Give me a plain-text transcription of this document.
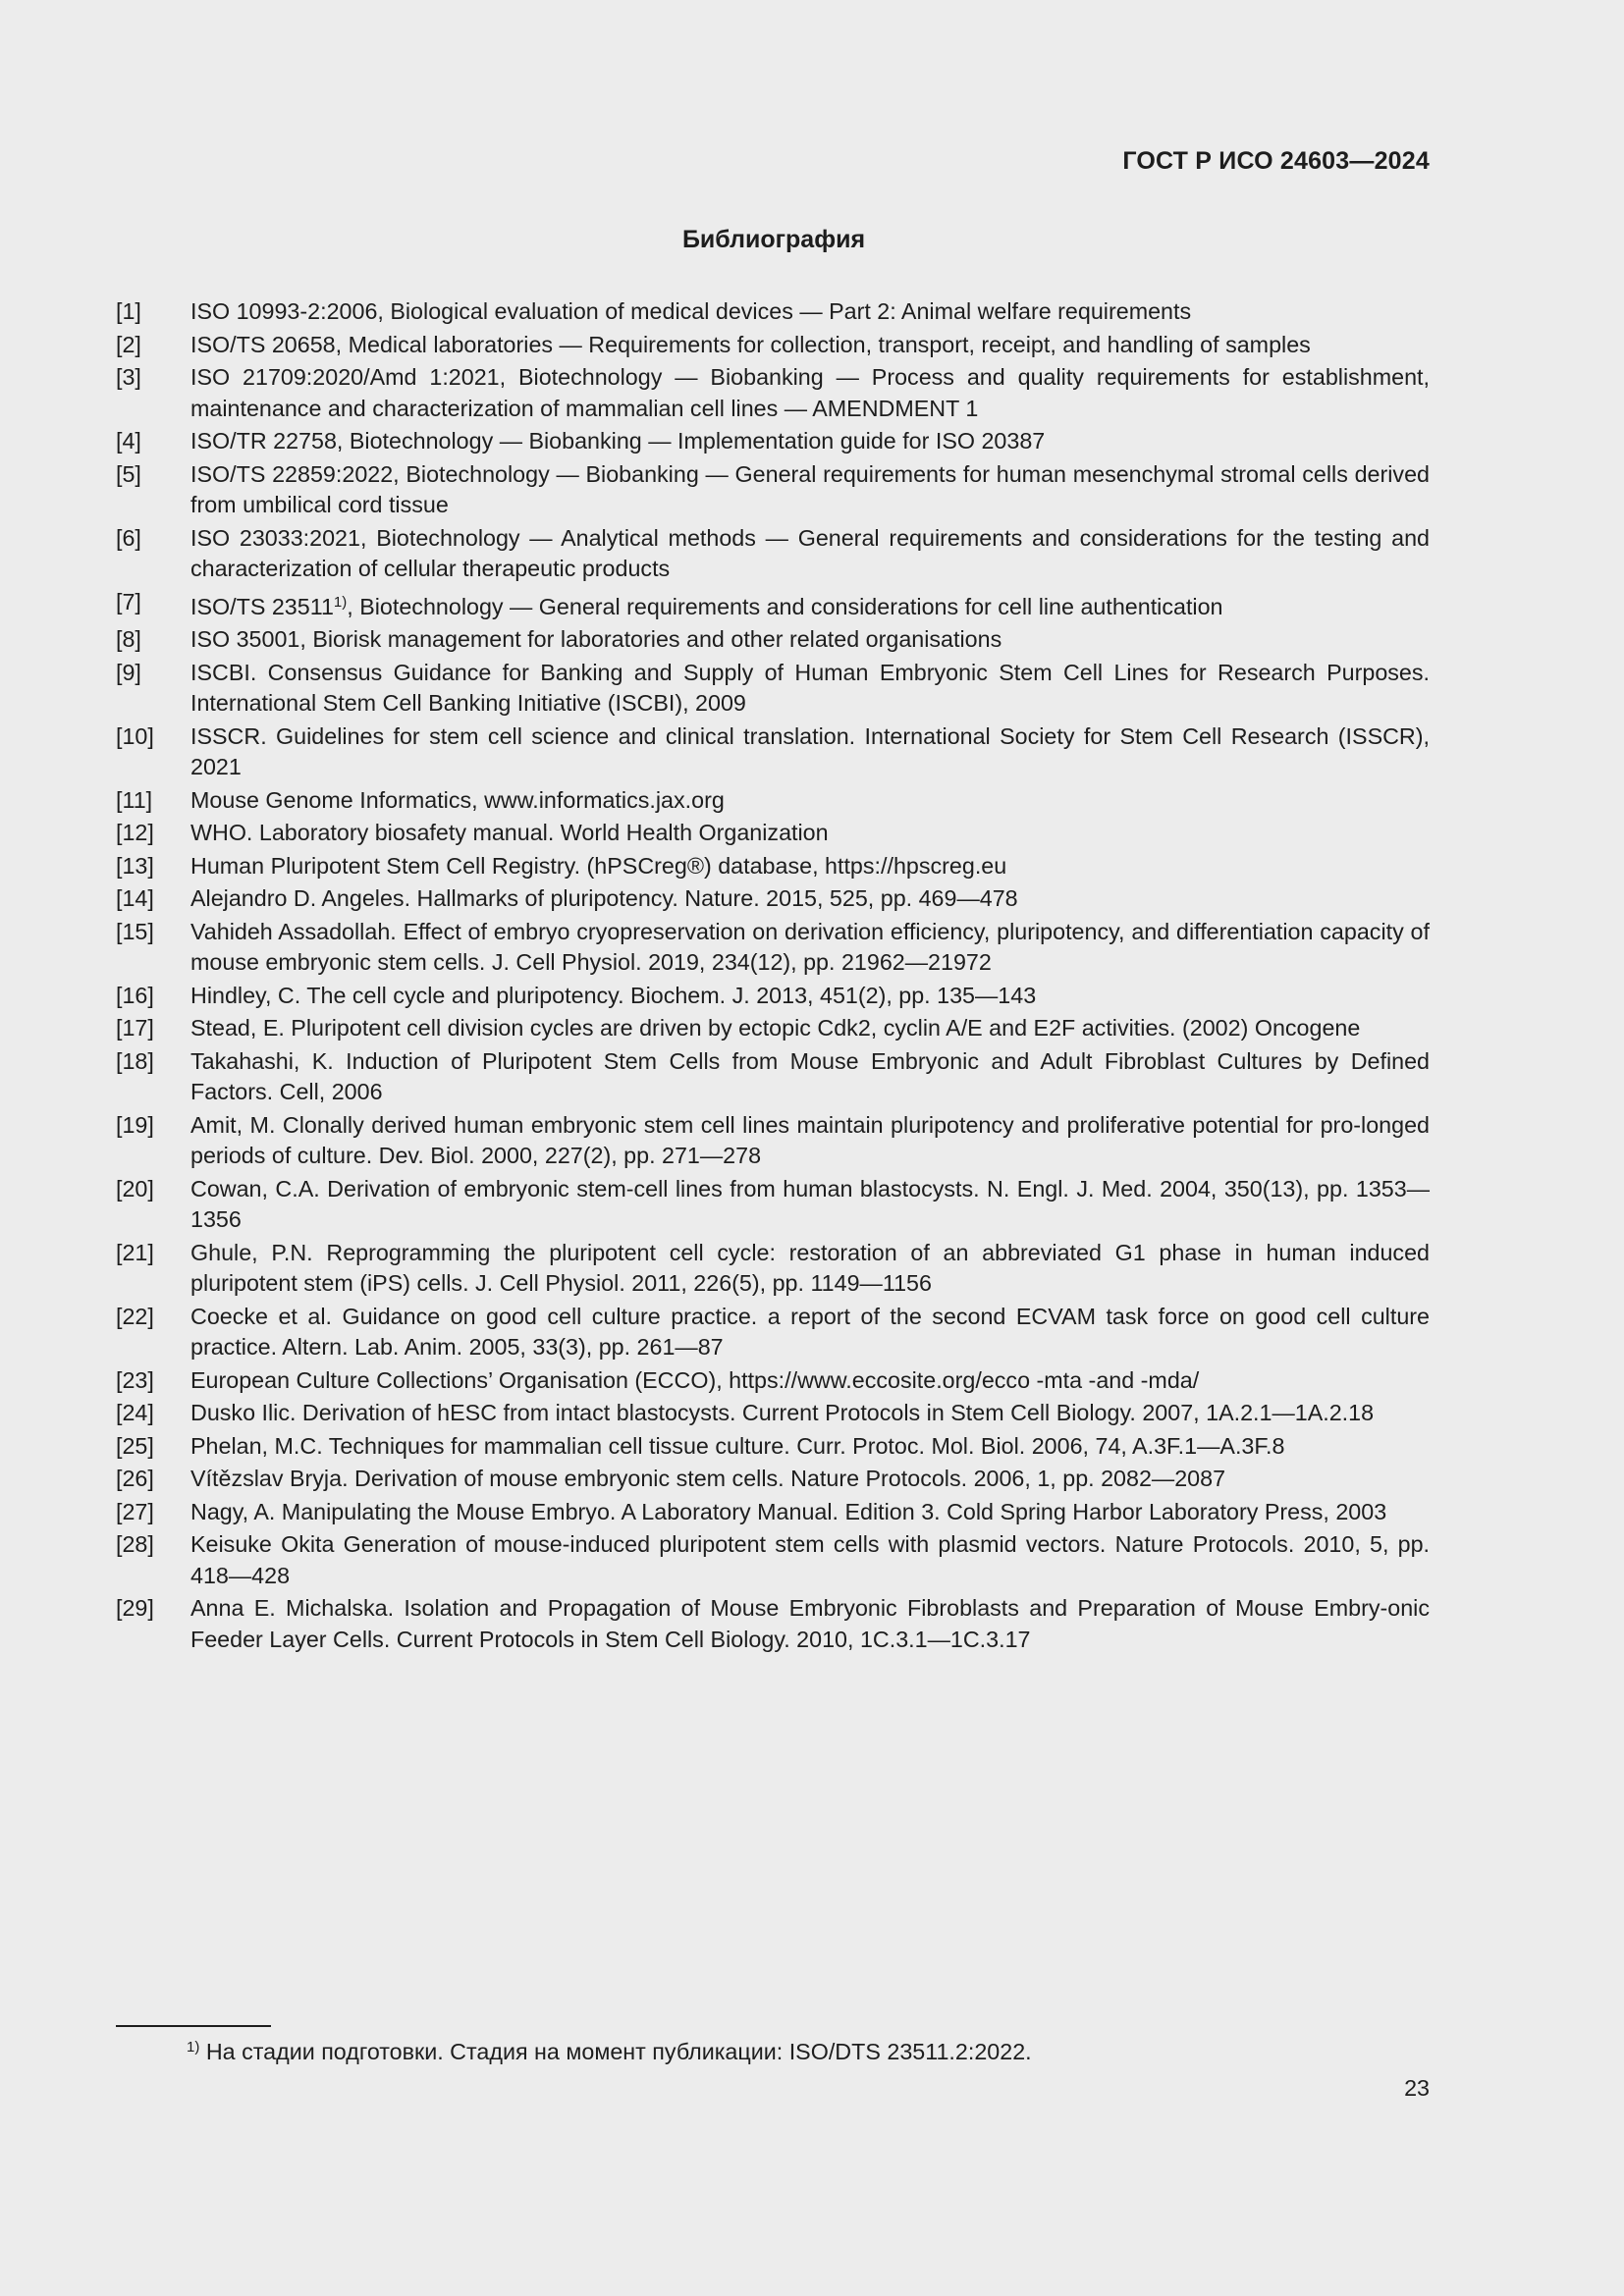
ГОСТ Р ИСО 24603—2024
Библиография
[1]	ISO 10993-2:2006, Biological evaluation of medical devices — Part 2: Animal welfare requirements
[2]	ISO/TS 20658, Medical laboratories — Requirements for collection, transport, receipt, and handling of samples
[3]	ISO 21709:2020/Amd 1:2021, Biotechnology — Biobanking — Process and quality requirements for establishment, maintenance and characterization of mammalian cell lines — AMENDMENT 1
[4]	ISO/TR 22758, Biotechnology — Biobanking — Implementation guide for ISO 20387
[5]	ISO/TS 22859:2022, Biotechnology — Biobanking — General requirements for human mesenchymal stromal cells derived from umbilical cord tissue
[6]	ISO 23033:2021, Biotechnology — Analytical methods — General requirements and considerations for the testing and characterization of cellular therapeutic products
[7]	ISO/TS 23511$^{1)}$, Biotechnology — General requirements and considerations for cell line authentication
[8]	ISO 35001, Biorisk management for laboratories and other related organisations
[9]	ISCBI. Consensus Guidance for Banking and Supply of Human Embryonic Stem Cell Lines for Research Purposes. International Stem Cell Banking Initiative (ISCBI), 2009
[10]	ISSCR. Guidelines for stem cell science and clinical translation. International Society for Stem Cell Research (ISSCR), 2021
[11]	Mouse Genome Informatics, www.informatics.jax.org
[12]	WHO. Laboratory biosafety manual. World Health Organization
[13]	Human Pluripotent Stem Cell Registry. (hPSCreg®) database, https://hpscreg.eu
[14]	Alejandro D. Angeles. Hallmarks of pluripotency. Nature. 2015, 525, pp. 469—478
[15]	Vahideh Assadollah. Effect of embryo cryopreservation on derivation efficiency, pluripotency, and differentiation capacity of mouse embryonic stem cells. J. Cell Physiol. 2019, 234(12), pp. 21962—21972
[16]	Hindley, C. The cell cycle and pluripotency. Biochem. J. 2013, 451(2), pp. 135—143
[17]	Stead, E. Pluripotent cell division cycles are driven by ectopic Cdk2, cyclin A/E and E2F activities. (2002) Oncogene
[18]	Takahashi, K. Induction of Pluripotent Stem Cells from Mouse Embryonic and Adult Fibroblast Cultures by Defined Factors. Cell, 2006
[19]	Amit, M. Clonally derived human embryonic stem cell lines maintain pluripotency and proliferative potential for pro-longed periods of culture. Dev. Biol. 2000, 227(2), pp. 271—278
[20]	Cowan, C.A. Derivation of embryonic stem-cell lines from human blastocysts. N. Engl. J. Med. 2004, 350(13), pp. 1353—1356
[21]	Ghule, P.N. Reprogramming the pluripotent cell cycle: restoration of an abbreviated G1 phase in human induced pluripotent stem (iPS) cells. J. Cell Physiol. 2011, 226(5), pp. 1149—1156
[22]	Coecke et al. Guidance on good cell culture practice. a report of the second ECVAM task force on good cell culture practice. Altern. Lab. Anim. 2005, 33(3), pp. 261—87
[23]	European Culture Collections’ Organisation (ECCO), https://www.eccosite.org/ecco -mta -and -mda/
[24]	Dusko Ilic. Derivation of hESC from intact blastocysts. Current Protocols in Stem Cell Biology. 2007, 1A.2.1—1A.2.18
[25]	Phelan, M.C. Techniques for mammalian cell tissue culture. Curr. Protoc. Mol. Biol. 2006, 74, A.3F.1—A.3F.8
[26]	Vítězslav Bryja. Derivation of mouse embryonic stem cells. Nature Protocols. 2006, 1, pp. 2082—2087
[27]	Nagy, A. Manipulating the Mouse Embryo. A Laboratory Manual. Edition 3. Cold Spring Harbor Laboratory Press, 2003
[28]	Keisuke Okita Generation of mouse-induced pluripotent stem cells with plasmid vectors. Nature Protocols. 2010, 5, pp. 418—428
[29]	Anna E. Michalska. Isolation and Propagation of Mouse Embryonic Fibroblasts and Preparation of Mouse Embry-onic Feeder Layer Cells. Current Protocols in Stem Cell Biology. 2010, 1C.3.1—1C.3.17
$^{1)}$ На стадии подготовки. Стадия на момент публикации: ISO/DTS 23511.2:2022.
23
